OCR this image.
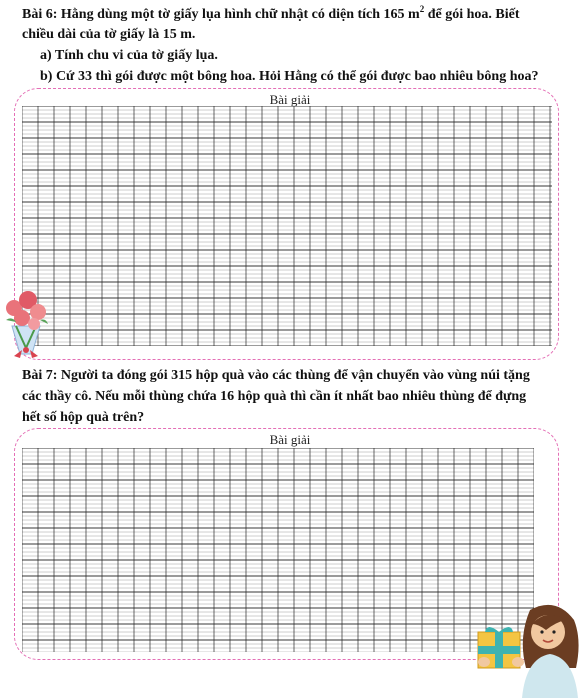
Bài 6: Hằng dùng một tờ giấy lụa hình chữ nhật có diện tích 165 $m^2$ để gói hoa. Biết
chiều dài của tờ giấy là 15 m.
a) Tính chu vi của tờ giấy lụa.
b) Cứ 33 thì gói được một bông hoa. Hỏi Hằng có thể gói được bao nhiêu bông hoa?
Bài giải
Bài 7: Người ta đóng gói 315 hộp quà vào các thùng để vận chuyển vào vùng núi tặng
các thầy cô. Nếu mỗi thùng chứa 16 hộp quà thì cần ít nhất bao nhiêu thùng để đựng
hết số hộp quà trên?
Bài giải
